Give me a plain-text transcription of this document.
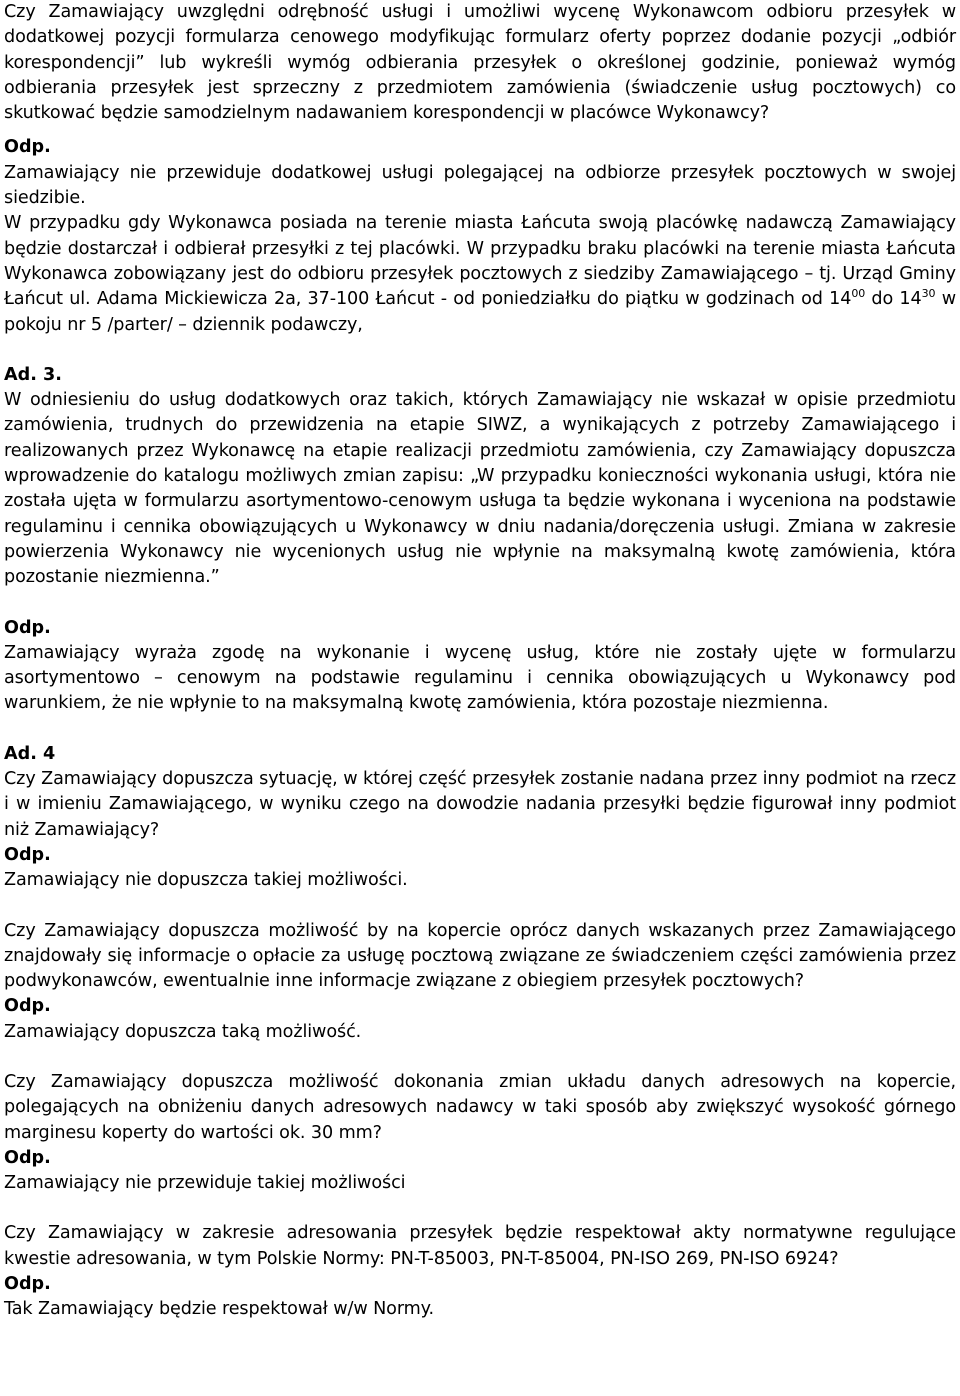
Czy Zamawiający uwzględni odrębność usługi i umożliwi wycenę Wykonawcom odbioru przesyłek w dodatkowej pozycji formularza cenowego modyfikując formularz oferty poprzez dodanie pozycji „odbiór korespondencji” lub wykreśli wymóg odbierania przesyłek o określonej godzinie, ponieważ wymóg odbierania przesyłek jest sprzeczny z przedmiotem zamówienia (świadczenie usług pocztowych) co skutkować będzie samodzielnym nadawaniem korespondencji w placówce Wykonawcy?

Odp.

Zamawiający nie przewiduje dodatkowej usługi polegającej na odbiorze przesyłek pocztowych w swojej siedzibie.

W przypadku gdy Wykonawca posiada na terenie miasta Łańcuta swoją placówkę nadawczą Zamawiający będzie dostarczał i odbierał przesyłki z tej placówki. W przypadku braku placówki na terenie miasta Łańcuta Wykonawca zobowiązany jest do odbioru przesyłek pocztowych z siedziby Zamawiającego – tj. Urząd Gminy Łańcut ul. Adama Mickiewicza 2a, 37-100 Łańcut - od poniedziałku do piątku w godzinach od $14^{00}$ do $14^{30}$ w pokoju nr 5 /parter/ – dziennik podawczy,

Ad. 3.

W odniesieniu do usług dodatkowych oraz takich, których Zamawiający nie wskazał w opisie przedmiotu zamówienia, trudnych do przewidzenia na etapie SIWZ, a wynikających z potrzeby Zamawiającego i realizowanych przez Wykonawcę na etapie realizacji przedmiotu zamówienia, czy Zamawiający dopuszcza wprowadzenie do katalogu możliwych zmian zapisu: „W przypadku konieczności wykonania usługi, która nie została ujęta w formularzu asortymentowo-cenowym usługa ta będzie wykonana i wyceniona na podstawie regulaminu i cennika obowiązujących u Wykonawcy w dniu nadania/doręczenia usługi. Zmiana w zakresie powierzenia Wykonawcy nie wycenionych usług nie wpłynie na maksymalną kwotę zamówienia, która pozostanie niezmienna.”

Odp.

Zamawiający wyraża zgodę na wykonanie i wycenę usług, które nie zostały ujęte w formularzu asortymentowo – cenowym na podstawie regulaminu i cennika obowiązujących u Wykonawcy pod warunkiem, że nie wpłynie to na maksymalną kwotę zamówienia, która pozostaje niezmienna.

Ad. 4

Czy Zamawiający dopuszcza sytuację, w której część przesyłek zostanie nadana przez inny podmiot na rzecz i w imieniu Zamawiającego, w wyniku czego na dowodzie nadania przesyłki będzie figurował inny podmiot niż Zamawiający?

Odp.

Zamawiający nie dopuszcza takiej możliwości.

Czy Zamawiający dopuszcza możliwość by na kopercie oprócz danych wskazanych przez Zamawiającego znajdowały się informacje o opłacie za usługę pocztową związane ze świadczeniem części zamówienia przez podwykonawców, ewentualnie inne informacje związane z obiegiem przesyłek pocztowych?

Odp.

Zamawiający dopuszcza taką możliwość.

Czy Zamawiający dopuszcza możliwość dokonania zmian układu danych adresowych na kopercie, polegających na obniżeniu danych adresowych nadawcy w taki sposób aby zwiększyć wysokość górnego marginesu koperty do wartości ok. 30 mm?

Odp.

Zamawiający nie przewiduje takiej możliwości

Czy Zamawiający w zakresie adresowania przesyłek będzie respektował akty normatywne regulujące kwestie adresowania, w tym Polskie Normy: PN-T-85003, PN-T-85004, PN-ISO 269, PN-ISO 6924?

Odp.

Tak Zamawiający będzie respektował w/w Normy.
